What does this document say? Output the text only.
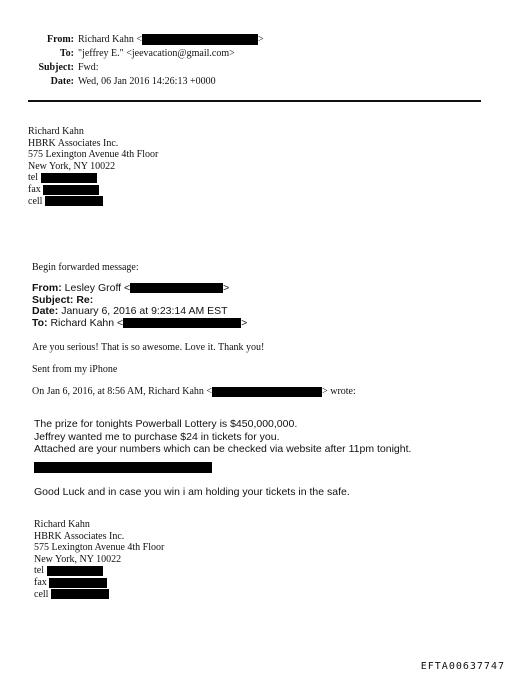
From: Richard Kahn <	>
To: "jeffrey E." <jeevacation@gmail.com>
Subject: Fwd:
Date: Wed, 06 Jan 2016 14:26:13 +0000
Richard Kahn
HBRK Associates Inc.
575 Lexington Avenue 4th Floor
New York, NY 10022
tel
fax
cell
Begin forwarded message:
From: Lesley Groff <	>
Subject: Re:
Date: January 6, 2016 at 9:23:14 AM EST
To: Richard Kahn <	>
Are you serious! That is so awesome. Love it. Thank you!
Sent from my iPhone
On Jan 6, 2016, at 8:56 AM, Richard Kahn <	> wrote:
The prize for tonights Powerball Lottery is $450,000,000.
Jeffrey wanted me to purchase $24 in tickets for you.
Attached are your numbers which can be checked via website after 11pm tonight.
Good Luck and in case you win i am holding your tickets in the safe.
Richard Kahn
HBRK Associates Inc.
575 Lexington Avenue 4th Floor
New York, NY 10022
tel
fax
cell
EFTA00637747
